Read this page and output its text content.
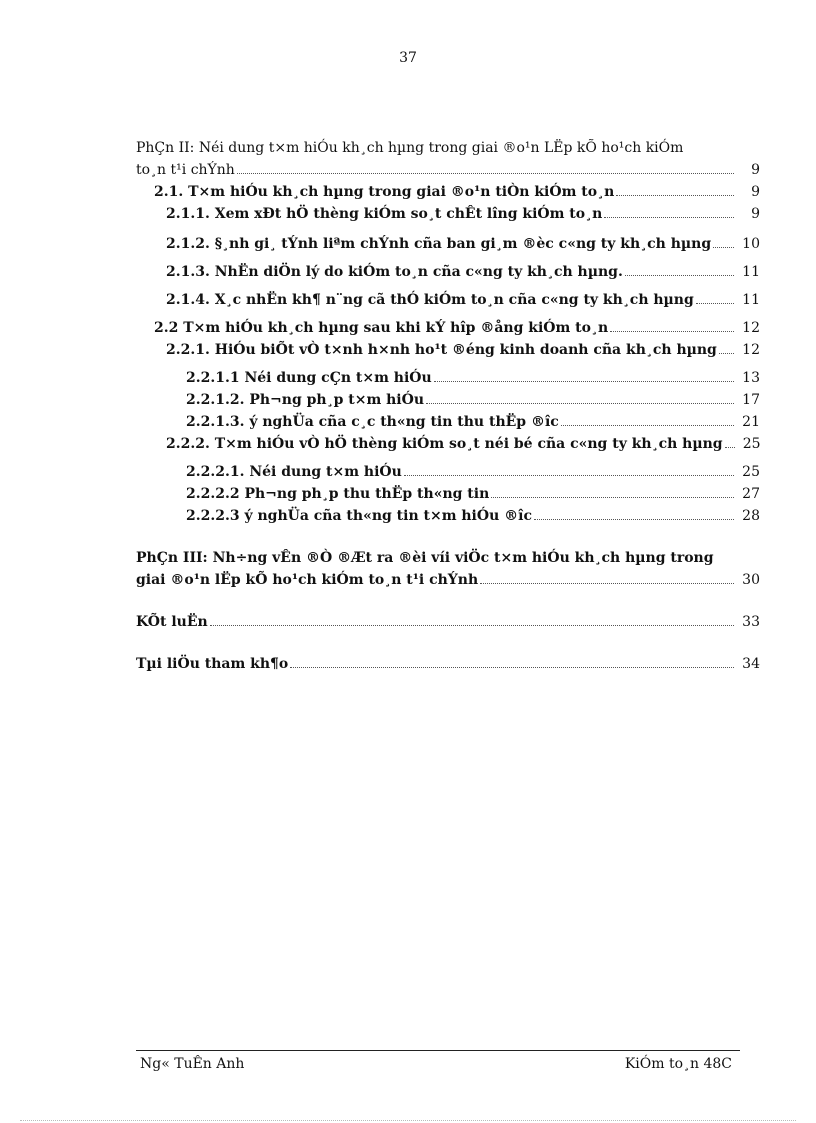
37
PhÇn II: Néi dung t×m hiÓu kh¸ch hµng trong giai ®o¹n LËp kÕ ho¹ch kiÓm
to¸n t¹i chÝnh	9
2.1. T×m hiÓu kh¸ch hµng trong giai ®o¹n tiÒn kiÓm to¸n	9
2.1.1. Xem xÐt hÖ thèng kiÓm so¸t chÊt lîng kiÓm to¸n	9
2.1.2. §¸nh gi¸ tÝnh liªm chÝnh cña ban gi¸m ®èc c«ng ty kh¸ch hµng	10
2.1.3. NhËn diÖn lý do kiÓm to¸n cña c«ng ty kh¸ch hµng.	11
2.1.4. X¸c nhËn kh¶ n¨ng cã thÓ kiÓm to¸n cña c«ng ty kh¸ch hµng	11
2.2 T×m hiÓu kh¸ch hµng sau khi kÝ hîp ®ång kiÓm to¸n	12
2.2.1. HiÓu biÕt vÒ t×nh h×nh ho¹t ®éng kinh doanh cña kh¸ch hµng	12
2.2.1.1 Néi dung cÇn t×m hiÓu	13
2.2.1.2. Ph¬ng ph¸p t×m hiÓu	17
2.2.1.3. ý nghÜa cña c¸c th«ng tin thu thËp ®îc	21
2.2.2. T×m hiÓu vÒ hÖ thèng kiÓm so¸t néi bé cña c«ng ty kh¸ch hµng	25
2.2.2.1. Néi dung t×m hiÓu	25
2.2.2.2 Ph¬ng ph¸p thu thËp th«ng tin	27
2.2.2.3 ý nghÜa cña th«ng tin t×m hiÓu ®îc	28
PhÇn III: Nh÷ng vÊn ®Ò ®Æt ra ®èi víi viÖc t×m hiÓu kh¸ch hµng trong
giai ®o¹n lËp kÕ ho¹ch kiÓm to¸n t¹i chÝnh	30
KÕt luËn	33
Tµi liÖu tham kh¶o	34
Ng« TuÊn Anh	KiÓm to¸n 48C
